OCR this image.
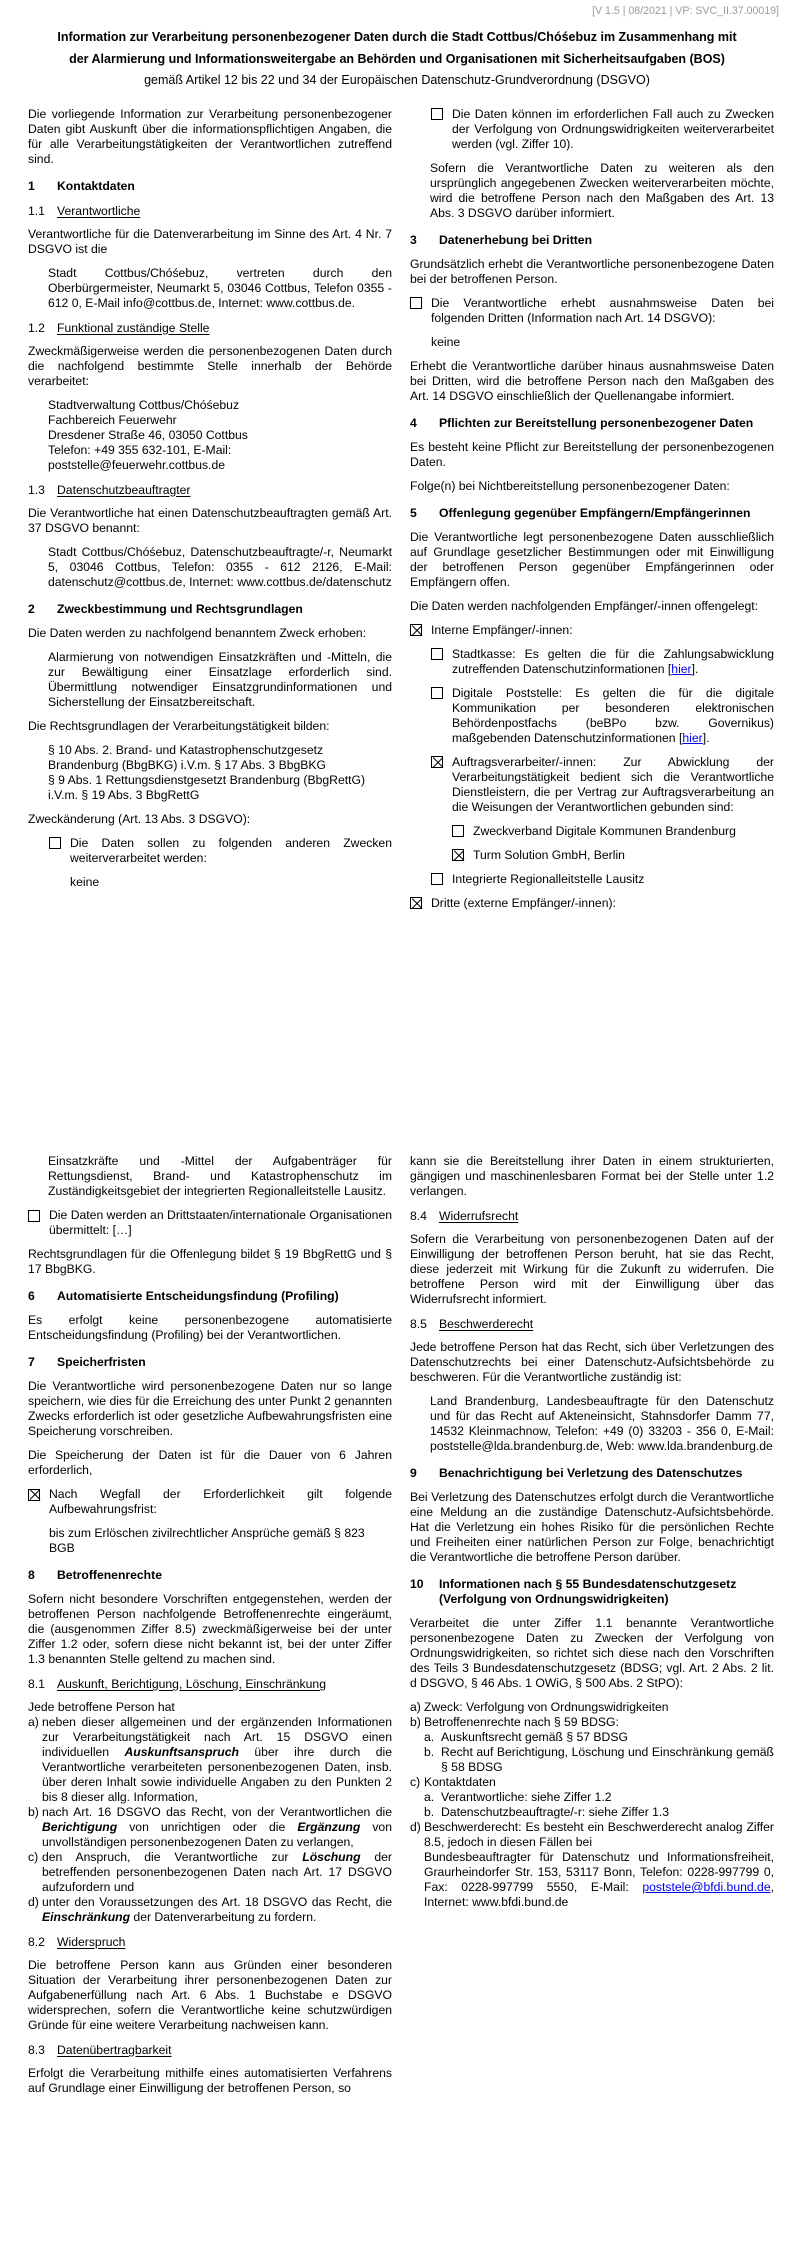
[V 1.5 | 08/2021 | VP: SVC_II.37.00019]
Information zur Verarbeitung personenbezogener Daten durch die Stadt Cottbus/Chóśebuz im Zusammenhang mit
der Alarmierung und Informationsweitergabe an Behörden und Organisationen mit Sicherheitsaufgaben (BOS)
gemäß Artikel 12 bis 22 und 34 der Europäischen Datenschutz-Grundverordnung (DSGVO)
Die vorliegende Information zur Verarbeitung personenbezogener Daten gibt Auskunft über die informationspflichtigen Angaben, die für alle Verarbeitungstätigkeiten der Verantwortlichen zutreffend sind.
1	Kontaktdaten
1.1 Verantwortliche
Verantwortliche für die Datenverarbeitung im Sinne des Art. 4 Nr. 7 DSGVO ist die
Stadt Cottbus/Chóśebuz, vertreten durch den Oberbürgermeister, Neumarkt 5, 03046 Cottbus, Telefon 0355 - 612 0, E-Mail info@cottbus.de, Internet: www.cottbus.de.
1.2 Funktional zuständige Stelle
Zweckmäßigerweise werden die personenbezogenen Daten durch die nachfolgend bestimmte Stelle innerhalb der Behörde verarbeitet:
Stadtverwaltung Cottbus/Chóśebuz
Fachbereich Feuerwehr
Dresdener Straße 46, 03050 Cottbus
Telefon: +49 355 632-101, E-Mail: poststelle@feuerwehr.cottbus.de
1.3 Datenschutzbeauftragter
Die Verantwortliche hat einen Datenschutzbeauftragten gemäß Art. 37 DSGVO benannt:
Stadt Cottbus/Chóśebuz, Datenschutzbeauftragte/-r, Neumarkt 5, 03046 Cottbus, Telefon: 0355 - 612 2126, E-Mail: datenschutz@cottbus.de, Internet: www.cottbus.de/datenschutz
2	Zweckbestimmung und Rechtsgrundlagen
Die Daten werden zu nachfolgend benanntem Zweck erhoben:
Alarmierung von notwendigen Einsatzkräften und -Mitteln, die zur Bewältigung einer Einsatzlage erforderlich sind. Übermittlung notwendiger Einsatzgrundinformationen und Sicherstellung der Einsatzbereitschaft.
Die Rechtsgrundlagen der Verarbeitungstätigkeit bilden:
§ 10 Abs. 2. Brand- und Katastrophenschutzgesetz Brandenburg (BbgBKG) i.V.m. § 17 Abs. 3 BbgBKG
§ 9 Abs. 1 Rettungsdienstgesetzt Brandenburg (BbgRettG) i.V.m. § 19 Abs. 3 BbgRettG
Zweckänderung (Art. 13 Abs. 3 DSGVO):
Die Daten sollen zu folgenden anderen Zwecken weiterverarbeitet werden:
keine
Die Daten können im erforderlichen Fall auch zu Zwecken der Verfolgung von Ordnungswidrigkeiten weiterverarbeitet werden (vgl. Ziffer 10).
Sofern die Verantwortliche Daten zu weiteren als den ursprünglich angegebenen Zwecken weiterverarbeiten möchte, wird die betroffene Person nach den Maßgaben des Art. 13 Abs. 3 DSGVO darüber informiert.
3	Datenerhebung bei Dritten
Grundsätzlich erhebt die Verantwortliche personenbezogene Daten bei der betroffenen Person.
Die Verantwortliche erhebt ausnahmsweise Daten bei folgenden Dritten (Information nach Art. 14 DSGVO):
keine
Erhebt die Verantwortliche darüber hinaus ausnahmsweise Daten bei Dritten, wird die betroffene Person nach den Maßgaben des Art. 14 DSGVO einschließlich der Quellenangabe informiert.
4	Pflichten zur Bereitstellung personenbezogener Daten
Es besteht keine Pflicht zur Bereitstellung der personenbezogenen Daten.
Folge(n) bei Nichtbereitstellung personenbezogener Daten:
5	Offenlegung gegenüber Empfängern/Empfängerinnen
Die Verantwortliche legt personenbezogene Daten ausschließlich auf Grundlage gesetzlicher Bestimmungen oder mit Einwilligung der betroffenen Person gegenüber Empfängerinnen oder Empfängern offen.
Die Daten werden nachfolgenden Empfänger/-innen offengelegt:
Interne Empfänger/-innen:
Stadtkasse: Es gelten die für die Zahlungsabwicklung zutreffenden Datenschutzinformationen [hier].
Digitale Poststelle: Es gelten die für die digitale Kommunikation per besonderen elektronischen Behördenpostfachs (beBPo bzw. Governikus) maßgebenden Datenschutzinformationen [hier].
Auftragsverarbeiter/-innen: Zur Abwicklung der Verarbeitungstätigkeit bedient sich die Verantwortliche Dienstleistern, die per Vertrag zur Auftragsverarbeitung an die Weisungen der Verantwortlichen gebunden sind:
Zweckverband Digitale Kommunen Brandenburg
Turm Solution GmbH, Berlin
Integrierte Regionalleitstelle Lausitz
Dritte (externe Empfänger/-innen):
Einsatzkräfte und -Mittel der Aufgabenträger für Rettungsdienst, Brand- und Katastrophenschutz im Zuständigkeitsgebiet der integrierten Regionalleitstelle Lausitz.
Die Daten werden an Drittstaaten/internationale Organisationen übermittelt: […]
Rechtsgrundlagen für die Offenlegung bildet § 19 BbgRettG und § 17 BbgBKG.
6	Automatisierte Entscheidungsfindung (Profiling)
Es erfolgt keine personenbezogene automatisierte Entscheidungsfindung (Profiling) bei der Verantwortlichen.
7	Speicherfristen
Die Verantwortliche wird personenbezogene Daten nur so lange speichern, wie dies für die Erreichung des unter Punkt 2 genannten Zwecks erforderlich ist oder gesetzliche Aufbewahrungsfristen eine Speicherung vorschreiben.
Die Speicherung der Daten ist für die Dauer von 6 Jahren erforderlich,
Nach Wegfall der Erforderlichkeit gilt folgende Aufbewahrungsfrist:
bis zum Erlöschen zivilrechtlicher Ansprüche gemäß § 823 BGB
8	Betroffenenrechte
Sofern nicht besondere Vorschriften entgegenstehen, werden der betroffenen Person nachfolgende Betroffenenrechte eingeräumt, die (ausgenommen Ziffer 8.5) zweckmäßigerweise bei der unter Ziffer 1.2 oder, sofern diese nicht bekannt ist, bei der unter Ziffer 1.3 benannten Stelle geltend zu machen sind.
8.1 Auskunft, Berichtigung, Löschung, Einschränkung
Jede betroffene Person hat
a) neben dieser allgemeinen und der ergänzenden Informationen zur Verarbeitungstätigkeit nach Art. 15 DSGVO einen individuellen Auskunftsanspruch über ihre durch die Verantwortliche verarbeiteten personenbezogenen Daten, insb. über deren Inhalt sowie individuelle Angaben zu den Punkten 2 bis 8 dieser allg. Information,
b) nach Art. 16 DSGVO das Recht, von der Verantwortlichen die Berichtigung von unrichtigen oder die Ergänzung von unvollständigen personenbezogenen Daten zu verlangen,
c) den Anspruch, die Verantwortliche zur Löschung der betreffenden personenbezogenen Daten nach Art. 17 DSGVO aufzufordern und
d) unter den Voraussetzungen des Art. 18 DSGVO das Recht, die Einschränkung der Datenverarbeitung zu fordern.
8.2 Widerspruch
Die betroffene Person kann aus Gründen einer besonderen Situation der Verarbeitung ihrer personenbezogenen Daten zur Aufgabenerfüllung nach Art. 6 Abs. 1 Buchstabe e DSGVO widersprechen, sofern die Verantwortliche keine schutzwürdigen Gründe für eine weitere Verarbeitung nachweisen kann.
8.3 Datenübertragbarkeit
Erfolgt die Verarbeitung mithilfe eines automatisierten Verfahrens auf Grundlage einer Einwilligung der betroffenen Person, so
kann sie die Bereitstellung ihrer Daten in einem strukturierten, gängigen und maschinenlesbaren Format bei der Stelle unter 1.2 verlangen.
8.4 Widerrufsrecht
Sofern die Verarbeitung von personenbezogenen Daten auf der Einwilligung der betroffenen Person beruht, hat sie das Recht, diese jederzeit mit Wirkung für die Zukunft zu widerrufen. Die betroffene Person wird mit der Einwilligung über das Widerrufsrecht informiert.
8.5 Beschwerderecht
Jede betroffene Person hat das Recht, sich über Verletzungen des Datenschutzrechts bei einer Datenschutz-Aufsichtsbehörde zu beschweren. Für die Verantwortliche zuständig ist:
Land Brandenburg, Landesbeauftragte für den Datenschutz und für das Recht auf Akteneinsicht, Stahnsdorfer Damm 77, 14532 Kleinmachnow, Telefon: +49 (0) 33203 - 356 0, E-Mail: poststelle@lda.brandenburg.de, Web: www.lda.brandenburg.de
9	Benachrichtigung bei Verletzung des Datenschutzes
Bei Verletzung des Datenschutzes erfolgt durch die Verantwortliche eine Meldung an die zuständige Datenschutz-Aufsichtsbehörde. Hat die Verletzung ein hohes Risiko für die persönlichen Rechte und Freiheiten einer natürlichen Person zur Folge, benachrichtigt die Verantwortliche die betroffene Person darüber.
10	Informationen nach § 55 Bundesdatenschutzgesetz (Verfolgung von Ordnungswidrigkeiten)
Verarbeitet die unter Ziffer 1.1 benannte Verantwortliche personenbezogene Daten zu Zwecken der Verfolgung von Ordnungswidrigkeiten, so richtet sich diese nach den Vorschriften des Teils 3 Bundesdatenschutzgesetz (BDSG; vgl. Art. 2 Abs. 2 lit. d DSGVO, § 46 Abs. 1 OWiG, § 500 Abs. 2 StPO):
a) Zweck: Verfolgung von Ordnungswidrigkeiten
b) Betroffenenrechte nach § 59 BDSG:
a. Auskunftsrecht gemäß § 57 BDSG
b. Recht auf Berichtigung, Löschung und Einschränkung gemäß § 58 BDSG
c) Kontaktdaten
a. Verantwortliche: siehe Ziffer 1.2
b. Datenschutzbeauftragte/-r: siehe Ziffer 1.3
d) Beschwerderecht: Es besteht ein Beschwerderecht analog Ziffer 8.5, jedoch in diesen Fällen bei
Bundesbeauftragter für Datenschutz und Informationsfreiheit, Graurheindorfer Str. 153, 53117 Bonn, Telefon: 0228-997799 0, Fax: 0228-997799 5550, E-Mail: poststele@bfdi.bund.de, Internet: www.bfdi.bund.de
